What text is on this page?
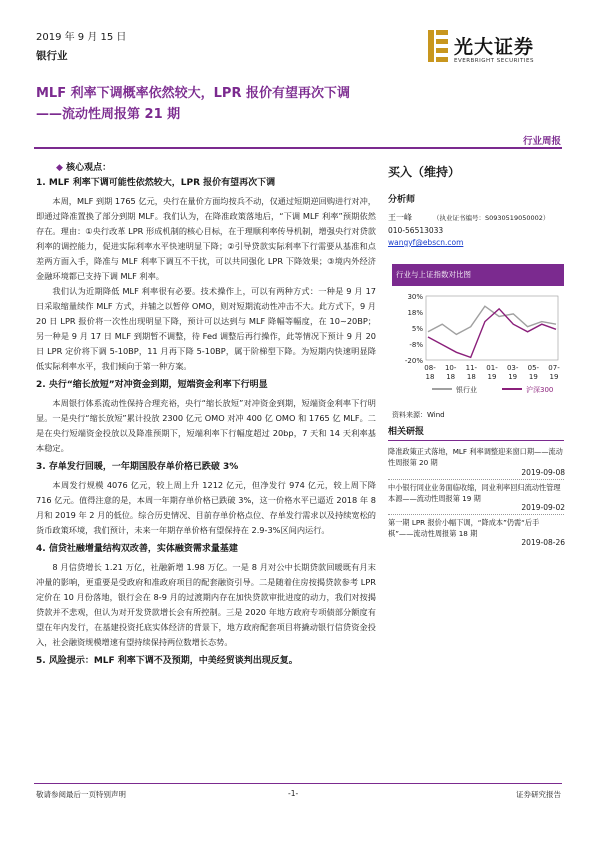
2019 年 9 月 15 日
银行业	光大证券
EVERBRIGHT SECURITIES
MLF 利率下调概率依然较大，LPR 报价有望再次下调
——流动性周报第 21 期
行业周报
◆ 核心观点：
1. MLF 利率下调可能性依然较大，LPR 报价有望再次下调

本周，MLF 到期 1765 亿元，央行在量价方面均按兵不动，仅通过短期逆回购进行对冲，即通过降准置换了部分到期 MLF。我们认为，在降准政策落地后，“下调 MLF 利率”预期依然存在。理由：①央行改革 LPR 形成机制的核心目标，在于理顺利率传导机制，增强央行对贷款利率的调控能力，促进实际利率水平快速明显下降；②引导贷款实际利率下行需要从基准和点差两方面入手，降准与 MLF 利率下调互不干扰，可以共同强化 LPR 下降效果；③境内外经济金融环境都已支持下调 MLF 利率。

我们认为近期降低 MLF 利率很有必要。技术操作上，可以有两种方式：一种是 9 月 17 日采取缩量续作 MLF 方式，并辅之以暂停 OMO，则对短期流动性冲击不大。此方式下，9 月 20 日 LPR 报价将一次性出现明显下降，预计可以达到与 MLF 降幅等幅度，在 10~20BP；另一种是 9 月 17 日 MLF 到期暂不调整，待 Fed 调整后再行操作，此等情况下预计 9 月 20 日 LPR 定价将下调 5-10BP，11 月再下降 5-10BP，属于阶梯型下降。为短期内快速明显降低实际利率水平，我们倾向于第一种方案。

2. 央行“缩长放短”对冲资金到期，短端资金利率下行明显

本周银行体系流动性保持合理充裕，央行“缩长放短”对冲资金到期，短端资金利率下行明显。一是央行“缩长放短”累计投放 2300 亿元 OMO 对冲 400 亿 OMO 和 1765 亿 MLF。二是在央行短端资金投放以及降准预期下，短端利率下行幅度超过 20bp，7 天和 14 天利率基本稳定。

3. 存单发行回暖，一年期国股存单价格已跌破 3%

本周发行规模 4076 亿元，较上周上升 1212 亿元，但净发行 974 亿元，较上周下降 716 亿元。值得注意的是，本周一年期存单价格已跌破 3%，这一价格水平已逼近 2018 年 8 月和 2019 年 2 月的低位。综合历史情况、目前存单价格点位、存单发行需求以及持续宽松的货币政策环境，我们预计，未来一年期存单价格有望保持在 2.9-3%区间内运行。

4. 信贷社融增量结构双改善，实体融资需求量基建

8 月信贷增长 1.21 万亿，社融新增 1.98 万亿。一是 8 月对公中长期贷款回暖既有月末冲量的影响，更重要是受政府和准政府项目的配套融资引导。二是随着住房按揭贷款参考 LPR 定价在 10 月份落地，银行会在 8-9 月的过渡期内存在加快贷款审批进度的动力，我们对按揭贷款并不悲观，但认为对开发贷款增长会有所控制。三是 2020 年地方政府专项债部分额度有望在年内发行，在基建投资托底实体经济的背景下，地方政府配套项目将撬动银行信贷资金投入，社会融资规模增速有望持续保持两位数增长态势。

5. 风险提示：MLF 利率下调不及预期，中美经贸谈判出现反复。
买入（维持）
分析师
王一峰	（执业证书编号：S0930519050002）
010-56513033
wangyf@ebscn.com
行业与上证指数对比图
30%
18%
5%
-8%
-20%
08-
18
10-
18
11-
18
01-
19
03-
19
05-
19
07-
19
银行业	沪深300
资料来源：Wind
相关研报
降准政策正式落地，MLF 利率调整迎来窗口期——流动性周报第 20 期
2019-09-08
中小银行同业业务面临收缩，同业利率回归流动性管理本源——流动性周报第 19 期
2019-09-02
第一期 LPR 报价小幅下调，“降成本”仍需“后手棋”——流动性周报第 18 期
2019-08-26
敬请参阅最后一页特别声明	-1-	证券研究报告
